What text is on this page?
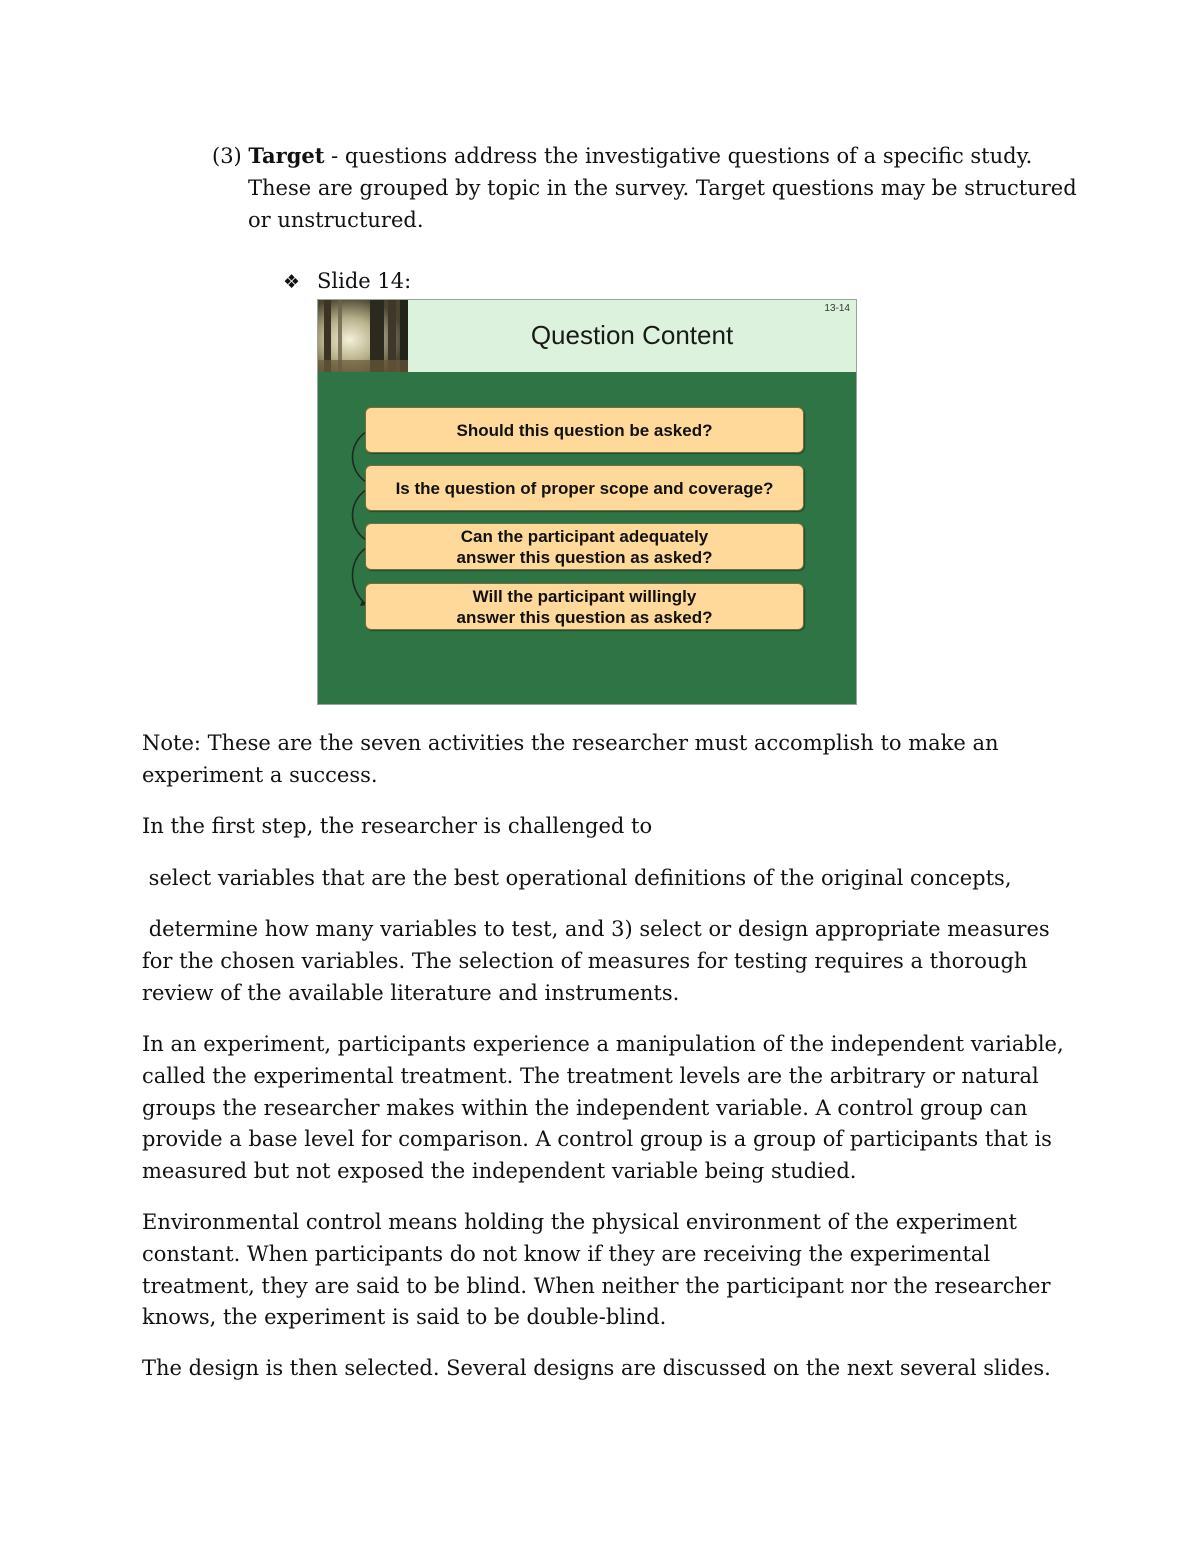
(3) Target - questions address the investigative questions of a specific study. These are grouped by topic in the survey. Target questions may be structured or unstructured.

❖ Slide 14:
Question Content
13-14
Should this question be asked?
Is the question of proper scope and coverage?
Can the participant adequately
answer this question as asked?
Will the participant willingly
answer this question as asked?

Note: These are the seven activities the researcher must accomplish to make an experiment a success.

In the first step, the researcher is challenged to

select variables that are the best operational definitions of the original concepts,

determine how many variables to test, and 3) select or design appropriate measures for the chosen variables. The selection of measures for testing requires a thorough review of the available literature and instruments.

In an experiment, participants experience a manipulation of the independent variable, called the experimental treatment. The treatment levels are the arbitrary or natural groups the researcher makes within the independent variable. A control group can provide a base level for comparison. A control group is a group of participants that is measured but not exposed the independent variable being studied.

Environmental control means holding the physical environment of the experiment constant. When participants do not know if they are receiving the experimental treatment, they are said to be blind. When neither the participant nor the researcher knows, the experiment is said to be double-blind.

The design is then selected. Several designs are discussed on the next several slides.
